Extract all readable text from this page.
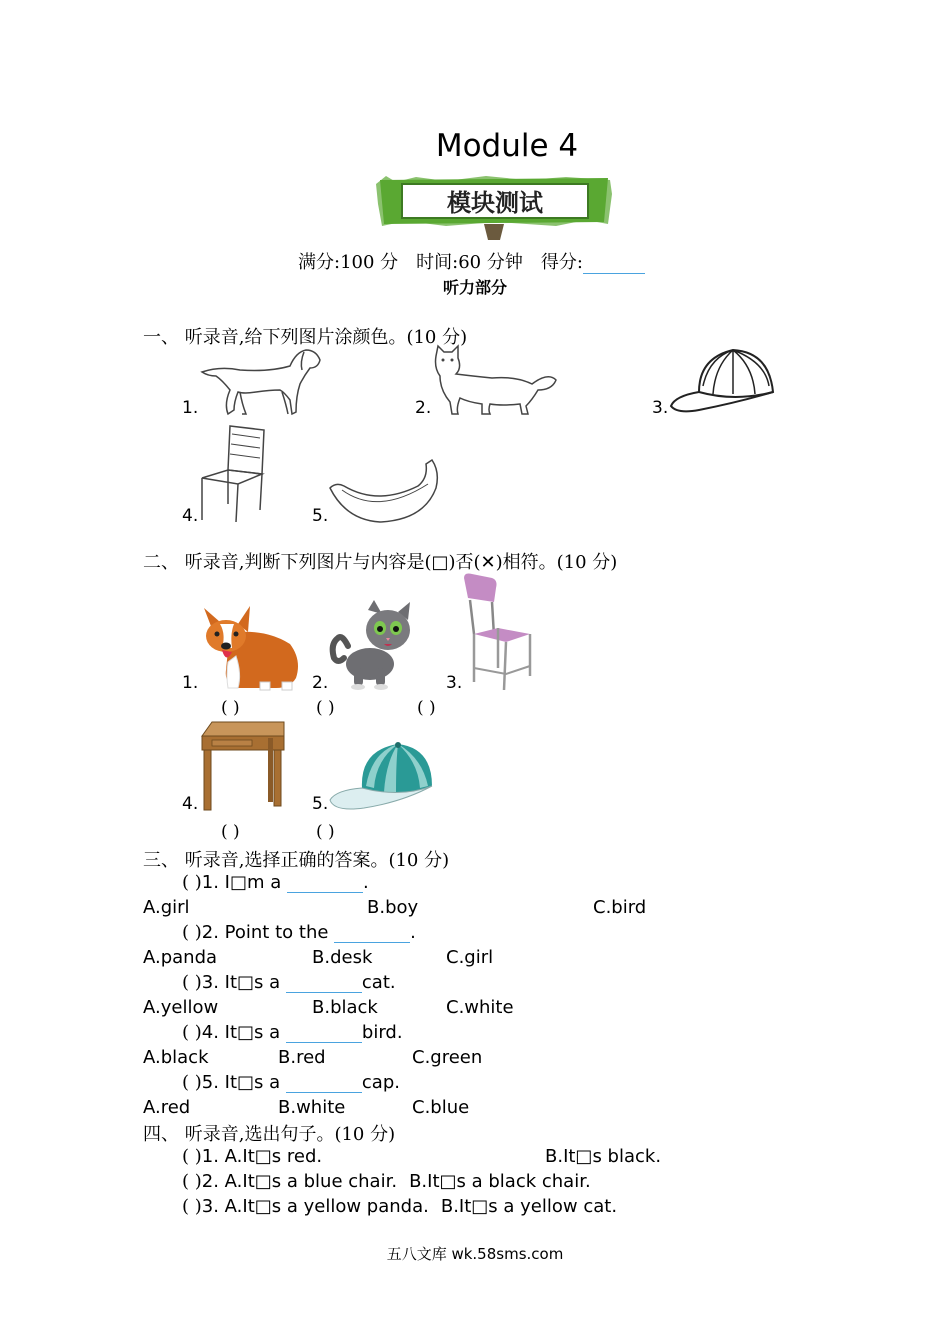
Module 4
模块测试
满分:100 分 时间:60 分钟 得分:
听力部分
一、 听录音,给下列图片涂颜色。(10 分)
1.	2.	3.
4.	5.
二、 听录音,判断下列图片与内容是(□)否(✕)相符。(10 分)
1.	2.	3.
( )	( )	( )
4.	5.
( )	( )
三、 听录音,选择正确的答案。(10 分)
( )1. I□m a	.
A.girl	B.boy	C.bird
( )2. Point to the	.
A.panda	B.desk	C.girl
( )3. It□s a	cat.
A.yellow	B.black	C.white
( )4. It□s a	bird.
A.black	B.red	C.green
( )5. It□s a	cap.
A.red	B.white	C.blue
四、 听录音,选出句子。(10 分)
( )1. A.It□s red.	B.It□s black.
( )2. A.It□s a blue chair. B.It□s a black chair.
( )3. A.It□s a yellow panda. B.It□s a yellow cat.
五八文库 wk.58sms.com
